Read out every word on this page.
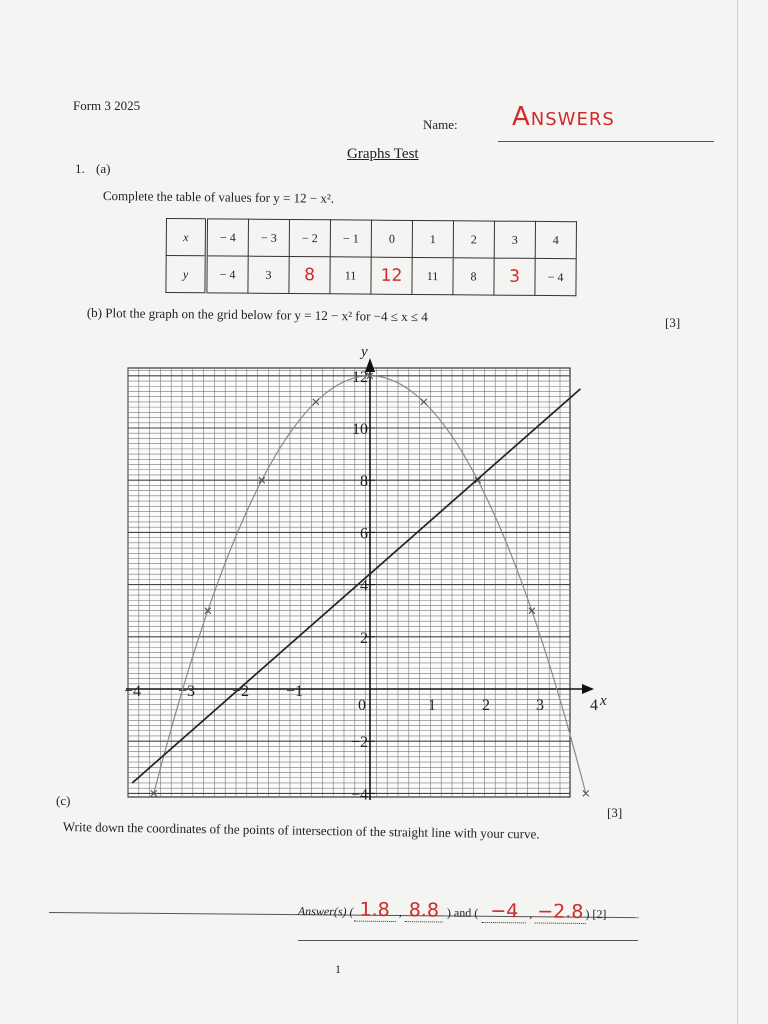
Form 3 2025
Name: Answers
Graphs Test
1. (a)
Complete the table of values for y = 12 − x².
x	− 4	− 3	− 2	− 1	0	1	2	3	4
y	− 4	3	8	11	12	11	8	3	− 4
(b) Plot the graph on the grid below for y = 12 − x² for −4 ≤ x ≤ 4	[3]
x
y
−4 −3 −2 −1
0	1	2	3	4
−4
−2
2
4
6
8
10
12
(c)
[3]
Write down the coordinates of the points of intersection of the straight line with your curve.
Answer(s) ( 1.8 , 8.8 ) and ( −4 , −2.8 ) [2]
1
